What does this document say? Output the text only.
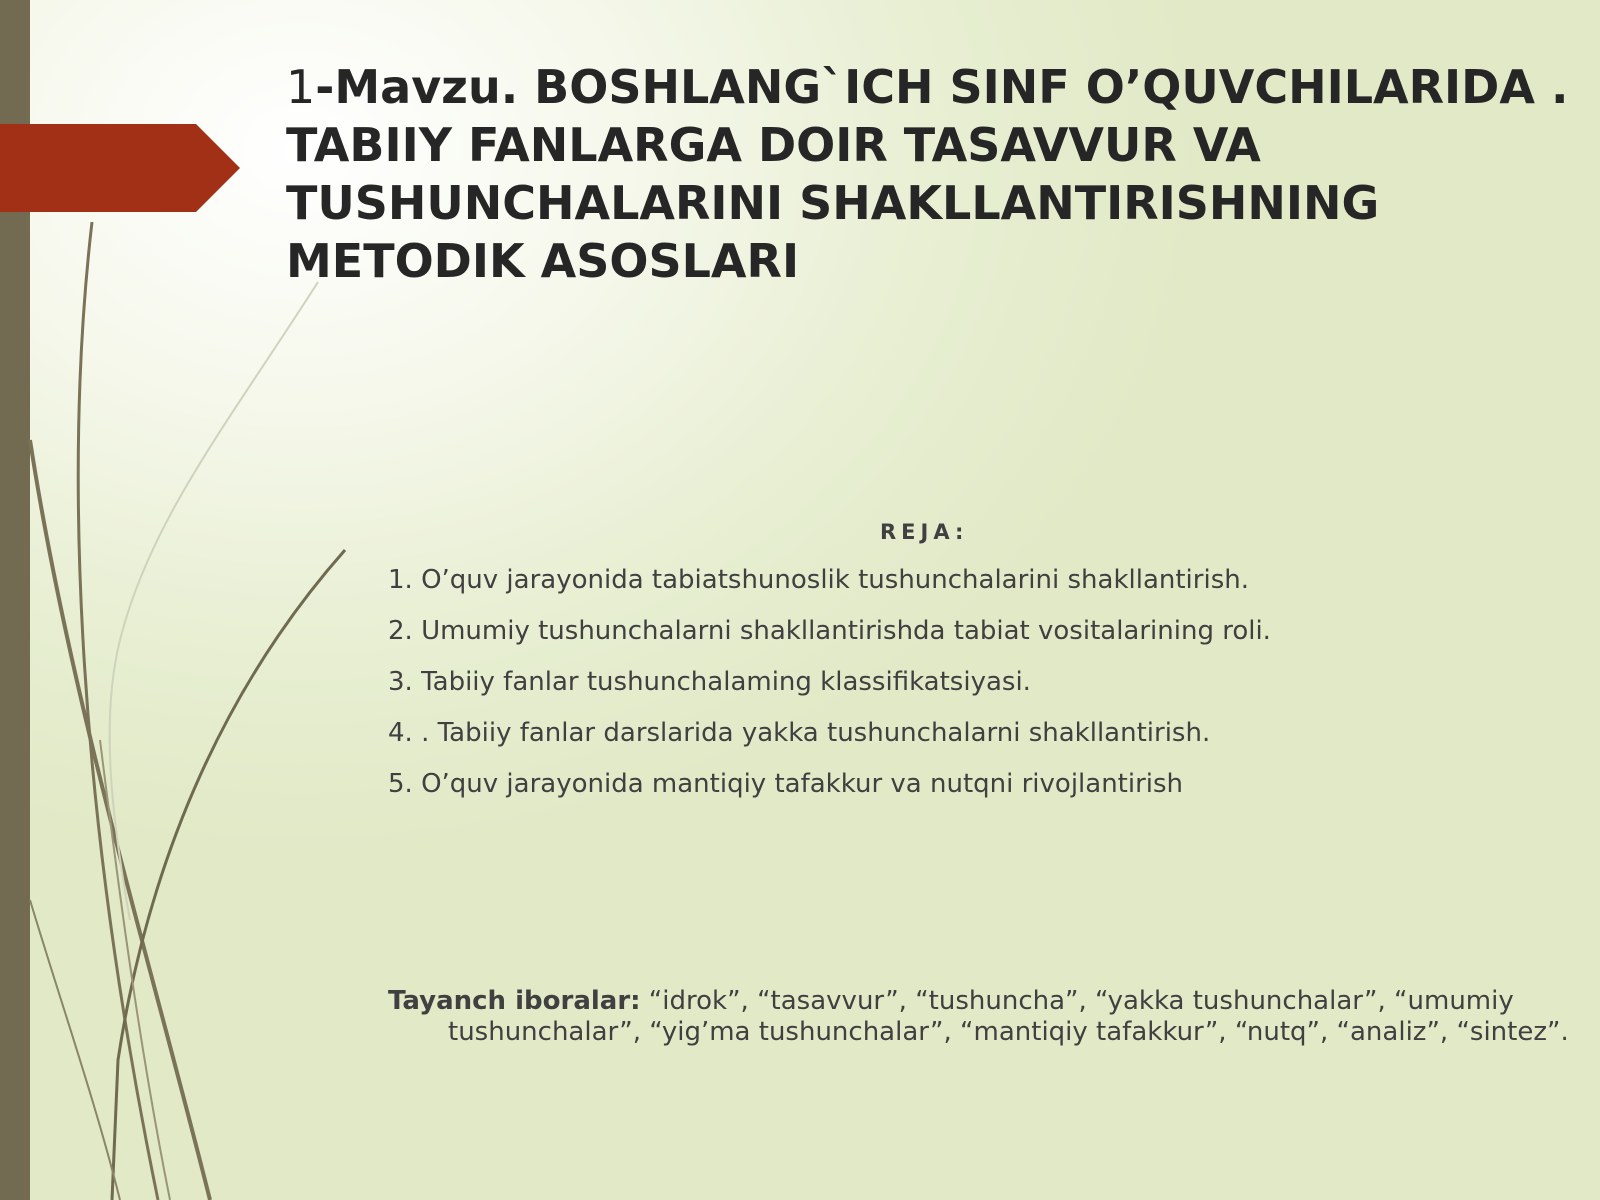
1-Mavzu. BOSHLANG`ICH SINF O’QUVCHILARIDA . TABIIY FANLARGA DOIR TASAVVUR VA TUSHUNCHALARINI SHAKLLANTIRISHNING METODIK ASOSLARI
REJA:
1. O’quv jarayonida tabiatshunoslik tushunchalarini shakllantirish.
2. Umumiy tushunchalarni shakllantirishda tabiat vositalarining roli.
3. Tabiiy fanlar tushunchalaming klassifikatsiyasi.
4. . Tabiiy fanlar darslarida yakka tushunchalarni shakllantirish.
5. O’quv jarayonida mantiqiy tafakkur va nutqni rivojlantirish

Tayanch iboralar: “idrok”, “tasavvur”, “tushuncha”, “yakka tushunchalar”, “umumiy tushunchalar”, “yig’ma tushunchalar”, “mantiqiy tafakkur”, “nutq”, “analiz”, “sintez”.
